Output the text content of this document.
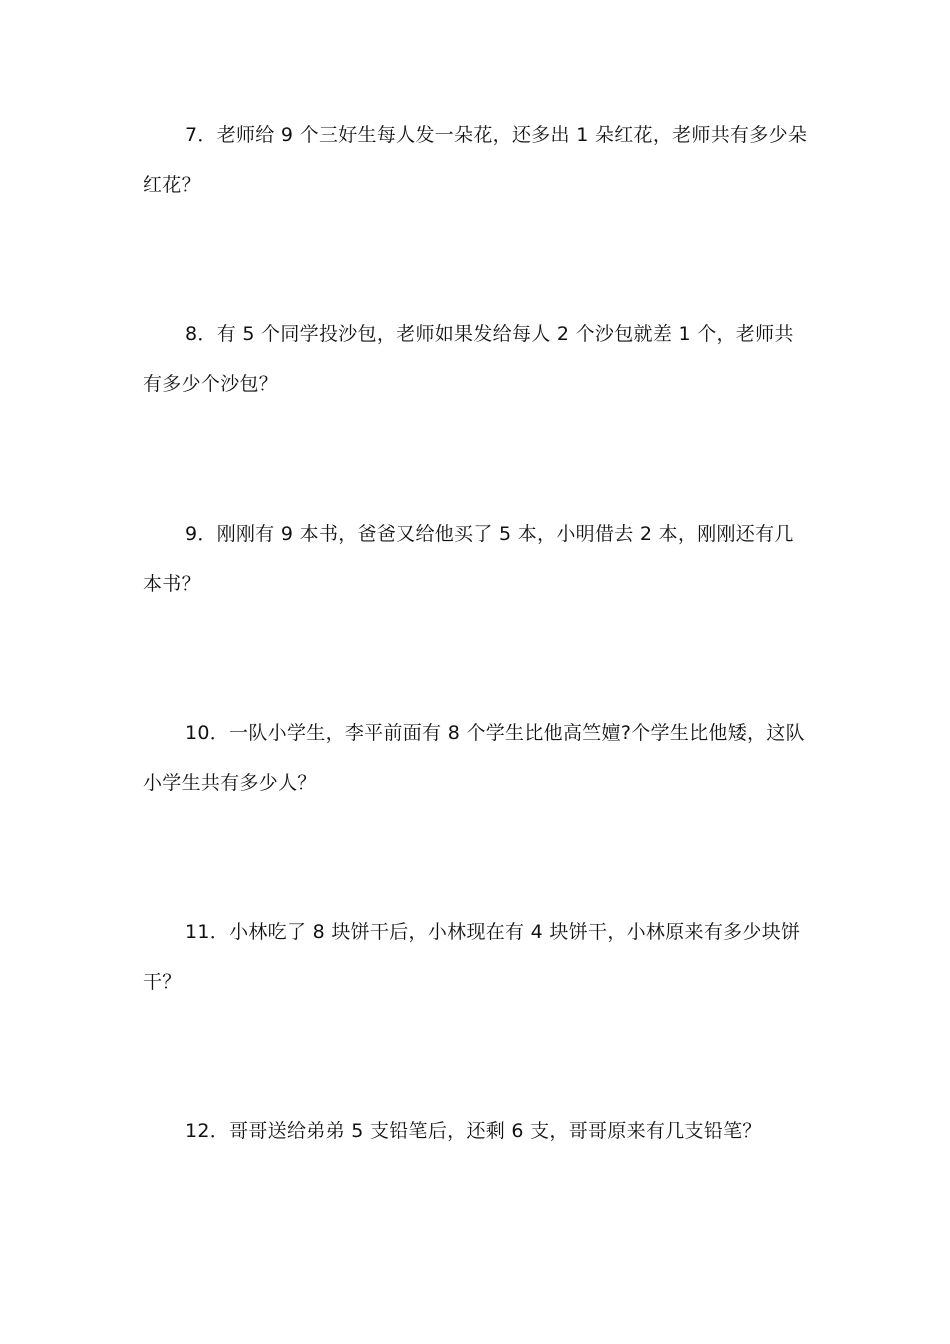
7．老师给 9 个三好生每人发一朵花，还多出 1 朵红花，老师共有多少朵红花？

8．有 5 个同学投沙包，老师如果发给每人 2 个沙包就差 1 个，老师共有多少个沙包？

9．刚刚有 9 本书，爸爸又给他买了 5 本，小明借去 2 本，刚刚还有几本书？

10．一队小学生，李平前面有 8 个学生比他高竺嬗?个学生比他矮，这队小学生共有多少人？

11．小林吃了 8 块饼干后，小林现在有 4 块饼干，小林原来有多少块饼干？

12．哥哥送给弟弟 5 支铅笔后，还剩 6 支，哥哥原来有几支铅笔？
